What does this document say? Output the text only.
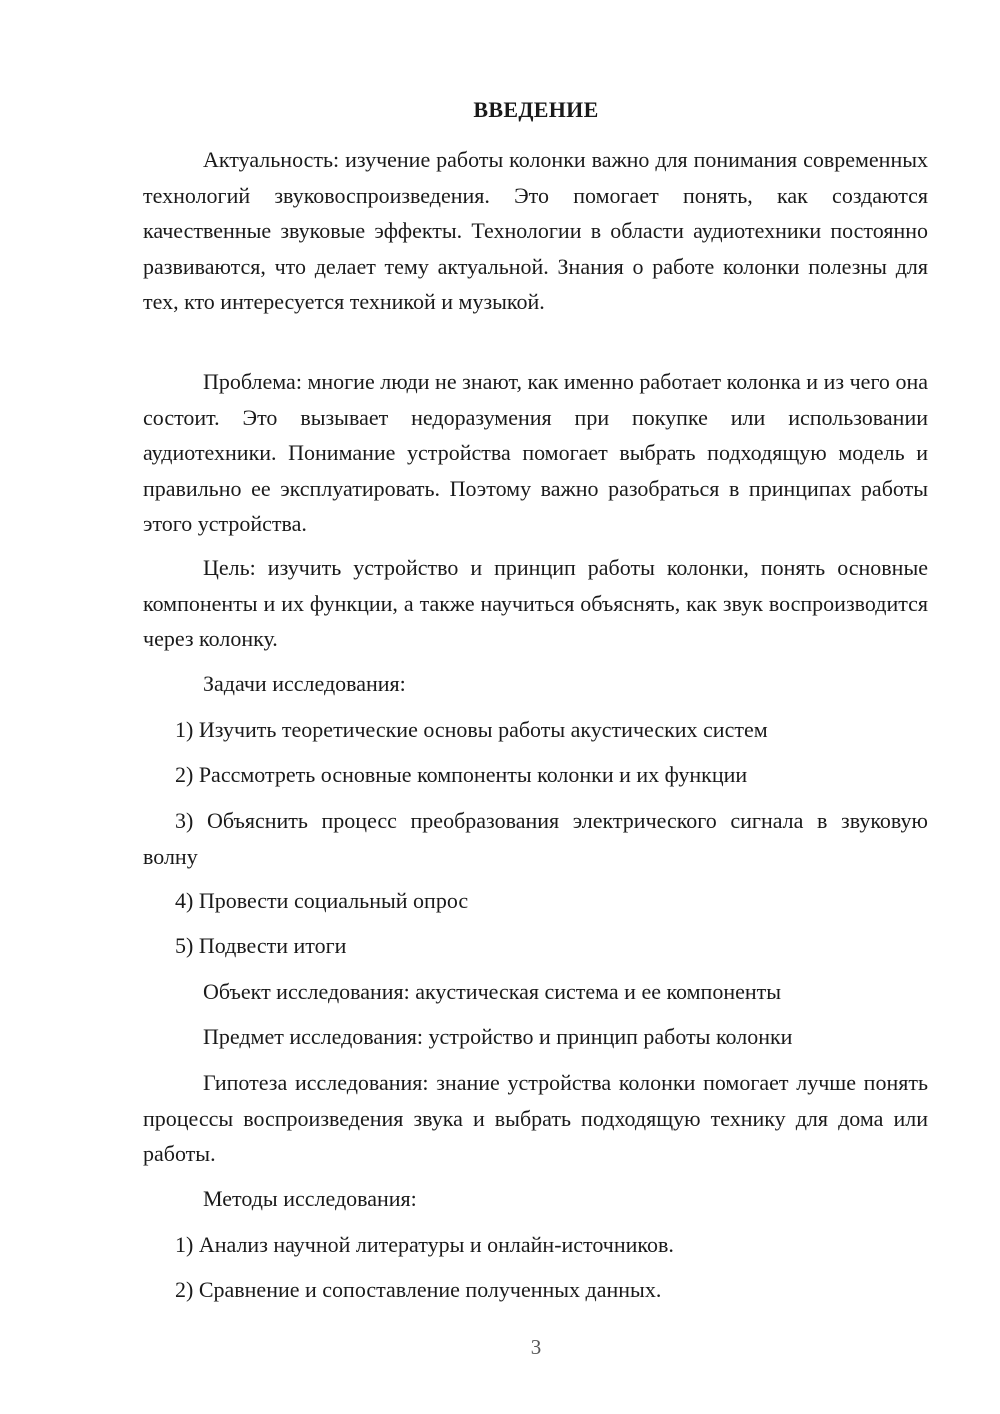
ВВЕДЕНИЕ
Актуальность: изучение работы колонки важно для понимания современных технологий звуковоспроизведения. Это помогает понять, как создаются качественные звуковые эффекты. Технологии в области аудиотехники постоянно развиваются, что делает тему актуальной. Знания о работе колонки полезны для тех, кто интересуется техникой и музыкой.
Проблема: многие люди не знают, как именно работает колонка и из чего она состоит. Это вызывает недоразумения при покупке или использовании аудиотехники. Понимание устройства помогает выбрать подходящую модель и правильно ее эксплуатировать. Поэтому важно разобраться в принципах работы этого устройства.
Цель: изучить устройство и принцип работы колонки, понять основные компоненты и их функции, а также научиться объяснять, как звук воспроизводится через колонку.
Задачи исследования:
1) Изучить теоретические основы работы акустических систем
2) Рассмотреть основные компоненты колонки и их функции
3) Объяснить процесс преобразования электрического сигнала в звуковую волну
4) Провести социальный опрос
5) Подвести итоги
Объект исследования: акустическая система и ее компоненты
Предмет исследования: устройство и принцип работы колонки
Гипотеза исследования: знание устройства колонки помогает лучше понять процессы воспроизведения звука и выбрать подходящую технику для дома или работы.
Методы исследования:
1) Анализ научной литературы и онлайн-источников.
2) Сравнение и сопоставление полученных данных.
3
